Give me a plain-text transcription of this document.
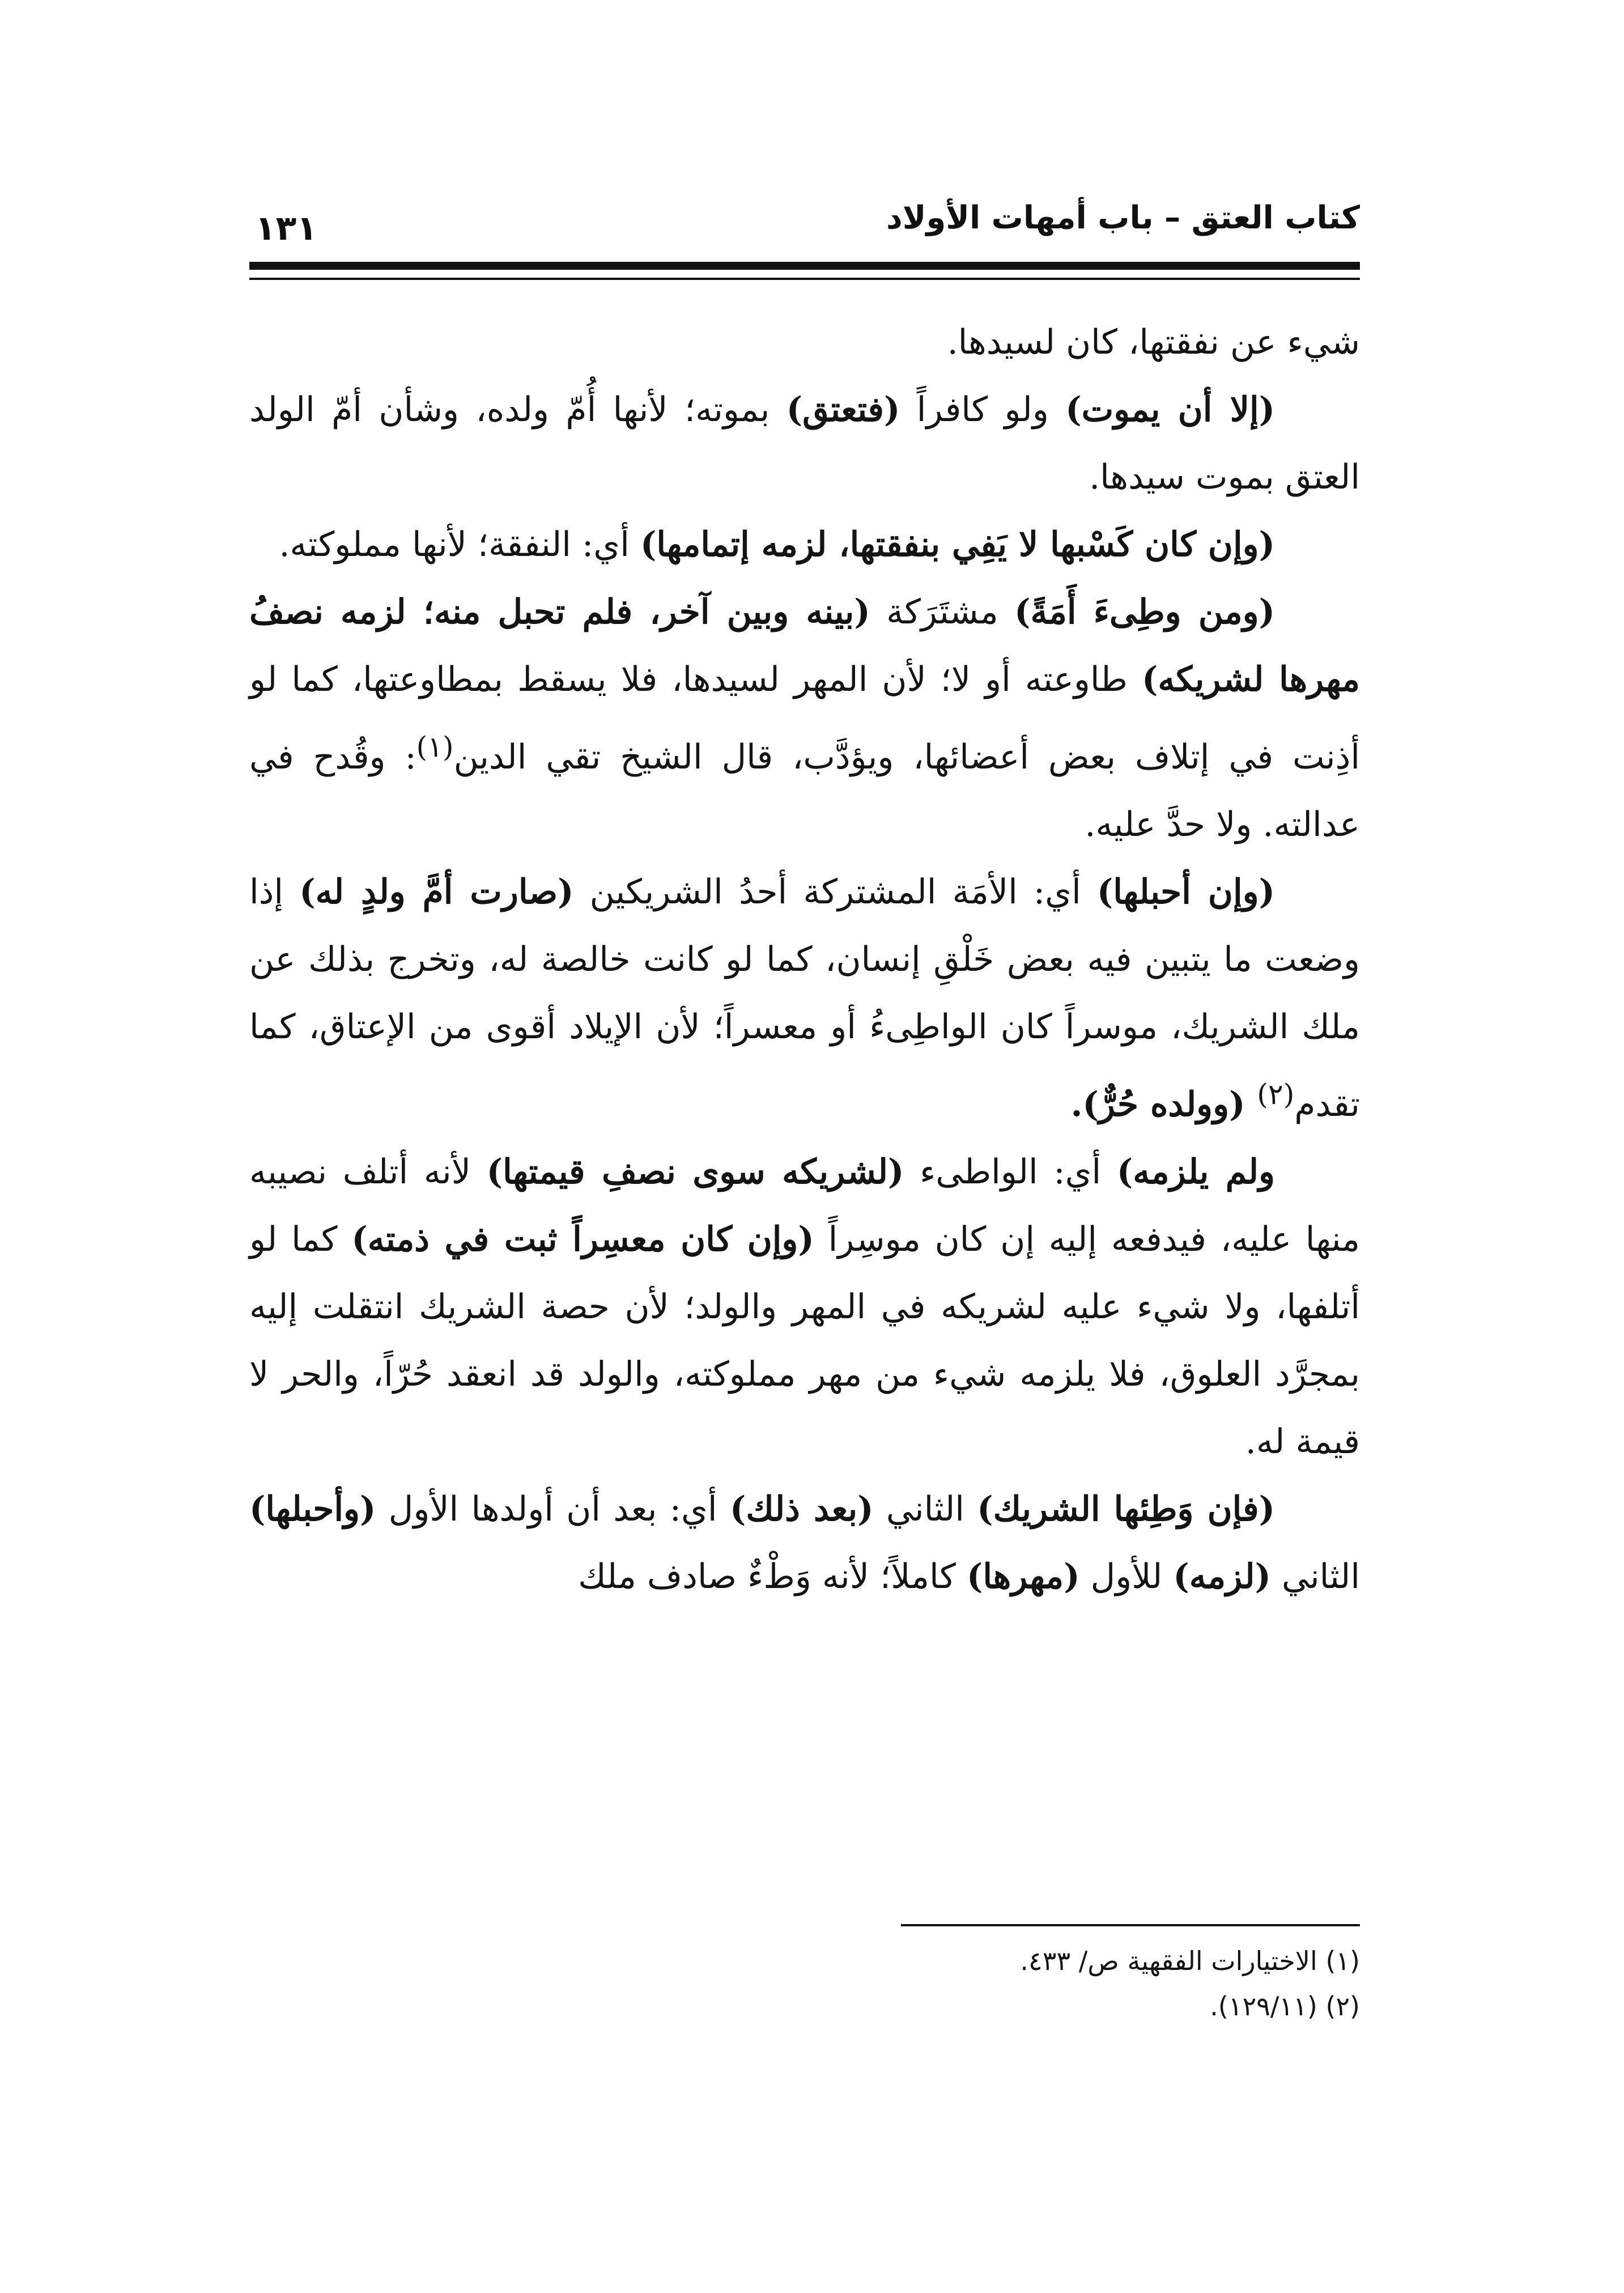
كتاب العتق – باب أمهات الأولاد
١٣١

شيء عن نفقتها، كان لسيدها.

(إلا أن يموت) ولو كافراً (فتعتق) بموته؛ لأنها أُمّ ولده، وشأن أمّ الولد العتق بموت سيدها.

(وإن كان كَسْبها لا يَفِي بنفقتها، لزمه إتمامها) أي: النفقة؛ لأنها مملوكته.

(ومن وطِىءَ أَمَةً) مشتَرَكة (بينه وبين آخر، فلم تحبل منه؛ لزمه نصفُ مهرها لشريكه) طاوعته أو لا؛ لأن المهر لسيدها، فلا يسقط بمطاوعتها، كما لو أذِنت في إتلاف بعض أعضائها، ويؤدَّب، قال الشيخ تقي الدين$^{(١)}$: وقُدح في عدالته. ولا حدَّ عليه.

(وإن أحبلها) أي: الأمَة المشتركة أحدُ الشريكين (صارت أمَّ ولدٍ له) إذا وضعت ما يتبين فيه بعض خَلْقِ إنسان، كما لو كانت خالصة له، وتخرج بذلك عن ملك الشريك، موسراً كان الواطِىءُ أو معسراً؛ لأن الإيلاد أقوى من الإعتاق، كما تقدم$^{(٢)}$ (وولده حُرٌّ).

ولم يلزمه) أي: الواطىء (لشريكه سوى نصفِ قيمتها) لأنه أتلف نصيبه منها عليه، فيدفعه إليه إن كان موسِراً (وإن كان معسِراً ثبت في ذمته) كما لو أتلفها، ولا شيء عليه لشريكه في المهر والولد؛ لأن حصة الشريك انتقلت إليه بمجرَّد العلوق، فلا يلزمه شيء من مهر مملوكته، والولد قد انعقد حُرّاً، والحر لا قيمة له.

(فإن وَطِئها الشريك) الثاني (بعد ذلك) أي: بعد أن أولدها الأول (وأحبلها) الثاني (لزمه) للأول (مهرها) كاملاً؛ لأنه وَطْءٌ صادف ملك

(١) الاختيارات الفقهية ص/ ٤٣٣.
(٢) (١٢٩/١١).
